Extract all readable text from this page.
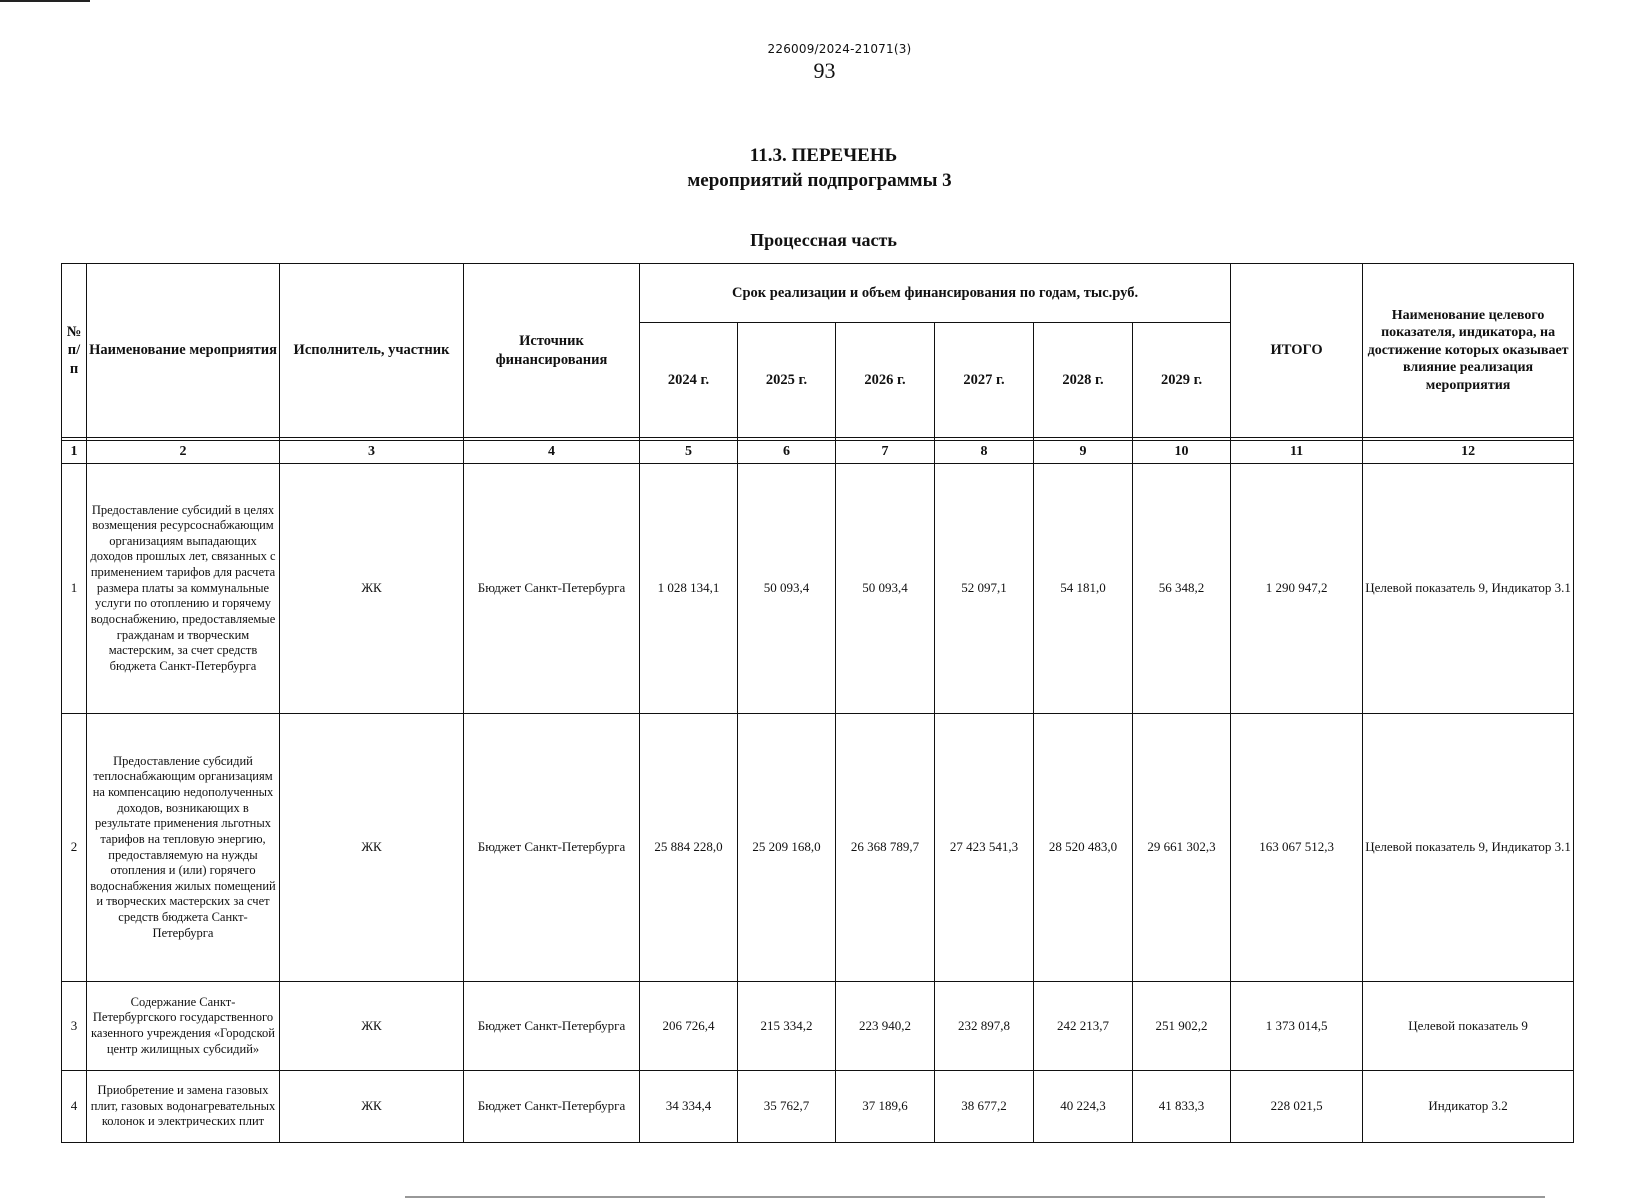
226009/2024-21071(3)
93
11.3. ПЕРЕЧЕНЬ
мероприятий подпрограммы 3
Процессная часть
№ п/п	Наименование мероприятия	Исполнитель, участник	Источник финансирования	Срок реализации и объем финансирования по годам, тыс.руб.						ИТОГО	Наименование целевого показателя, индикатора, на достижение которых оказывает влияние реализация мероприятия
				2024 г.	2025 г.	2026 г.	2027 г.	2028 г.	2029 г.		

1	2	3	4	5	6	7	8	9	10	11	12
1	Предоставление субсидий в целях возмещения ресурсоснабжающим организациям выпадающих доходов прошлых лет, связанных с применением тарифов для расчета размера платы за коммунальные услуги по отоплению и горячему водоснабжению, предоставляемые гражданам и творческим мастерским, за счет средств бюджета Санкт-Петербурга	ЖК	Бюджет Санкт-Петербурга	1 028 134,1	50 093,4	50 093,4	52 097,1	54 181,0	56 348,2	1 290 947,2	Целевой показатель 9, Индикатор 3.1
2	Предоставление субсидий теплоснабжающим организациям на компенсацию недополученных доходов, возникающих в результате применения льготных тарифов на тепловую энергию, предоставляемую на нужды отопления и (или) горячего водоснабжения жилых помещений и творческих мастерских за счет средств бюджета Санкт-Петербурга	ЖК	Бюджет Санкт-Петербурга	25 884 228,0	25 209 168,0	26 368 789,7	27 423 541,3	28 520 483,0	29 661 302,3	163 067 512,3	Целевой показатель 9, Индикатор 3.1
3	Содержание Санкт-Петербургского государственного казенного учреждения «Городской центр жилищных субсидий»	ЖК	Бюджет Санкт-Петербурга	206 726,4	215 334,2	223 940,2	232 897,8	242 213,7	251 902,2	1 373 014,5	Целевой показатель 9
4	Приобретение и замена газовых плит, газовых водонагревательных колонок и электрических плит	ЖК	Бюджет Санкт-Петербурга	34 334,4	35 762,7	37 189,6	38 677,2	40 224,3	41 833,3	228 021,5	Индикатор 3.2
